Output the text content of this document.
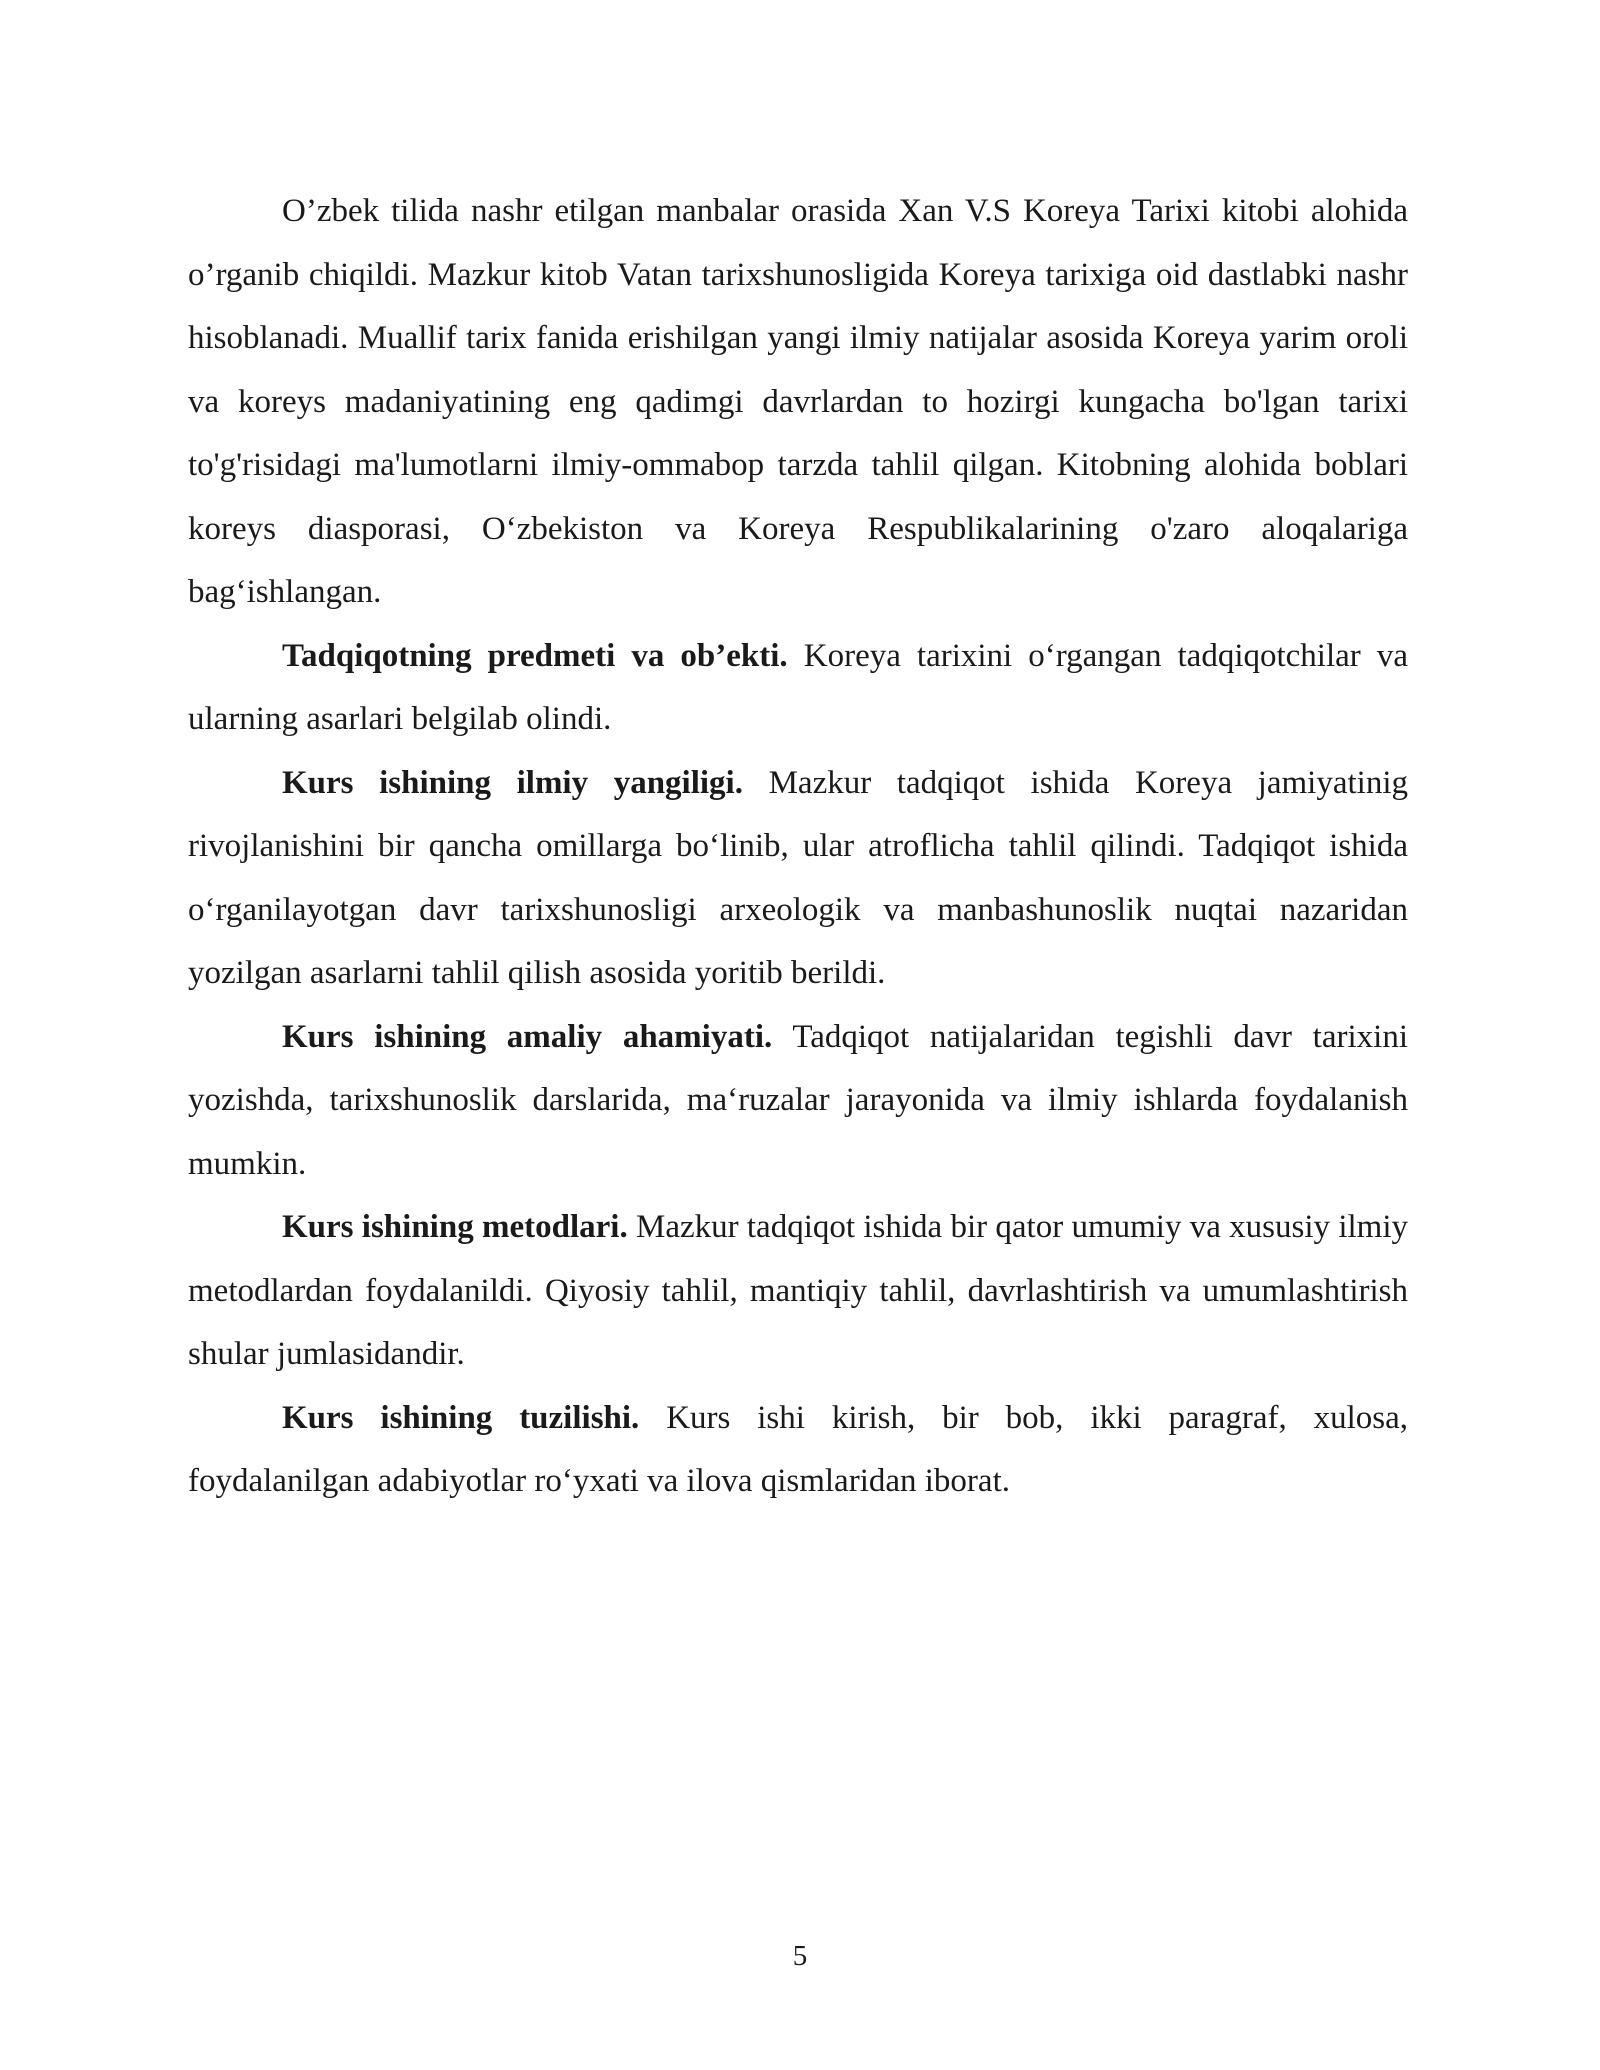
O’zbek tilida nashr etilgan manbalar orasida Xan V.S Koreya Tarixi kitobi alohida o’rganib chiqildi. Mazkur kitob Vatan tarixshunosligida Koreya tarixiga oid dastlabki nashr hisoblanadi. Muallif tarix fanida erishilgan yangi ilmiy natijalar asosida Koreya yarim oroli va koreys madaniyatining eng qadimgi davrlardan to hozirgi kungacha bo'lgan tarixi to'g'risidagi ma'lumotlarni ilmiy-ommabop tarzda tahlil qilgan. Kitobning alohida boblari koreys diasporasi, O‘zbekiston va Koreya Respublikalarining o'zaro aloqalariga bag‘ishlangan.

Tadqiqotning predmeti va ob’ekti. Koreya tarixini o‘rgangan tadqiqotchilar va ularning asarlari belgilab olindi.

Kurs ishining ilmiy yangiligi. Mazkur tadqiqot ishida Koreya jamiyatinig rivojlanishini bir qancha omillarga bo‘linib, ular atroflicha tahlil qilindi. Tadqiqot ishida o‘rganilayotgan davr tarixshunosligi arxeologik va manbashunoslik nuqtai nazaridan yozilgan asarlarni tahlil qilish asosida yoritib berildi.

Kurs ishining amaliy ahamiyati. Tadqiqot natijalaridan tegishli davr tarixini yozishda, tarixshunoslik darslarida, ma‘ruzalar jarayonida va ilmiy ishlarda foydalanish mumkin.

Kurs ishining metodlari. Mazkur tadqiqot ishida bir qator umumiy va xususiy ilmiy metodlardan foydalanildi. Qiyosiy tahlil, mantiqiy tahlil, davrlashtirish va umumlashtirish shular jumlasidandir.

Kurs ishining tuzilishi. Kurs ishi kirish, bir bob, ikki paragraf, xulosa, foydalanilgan adabiyotlar ro‘yxati va ilova qismlaridan iborat.

5
